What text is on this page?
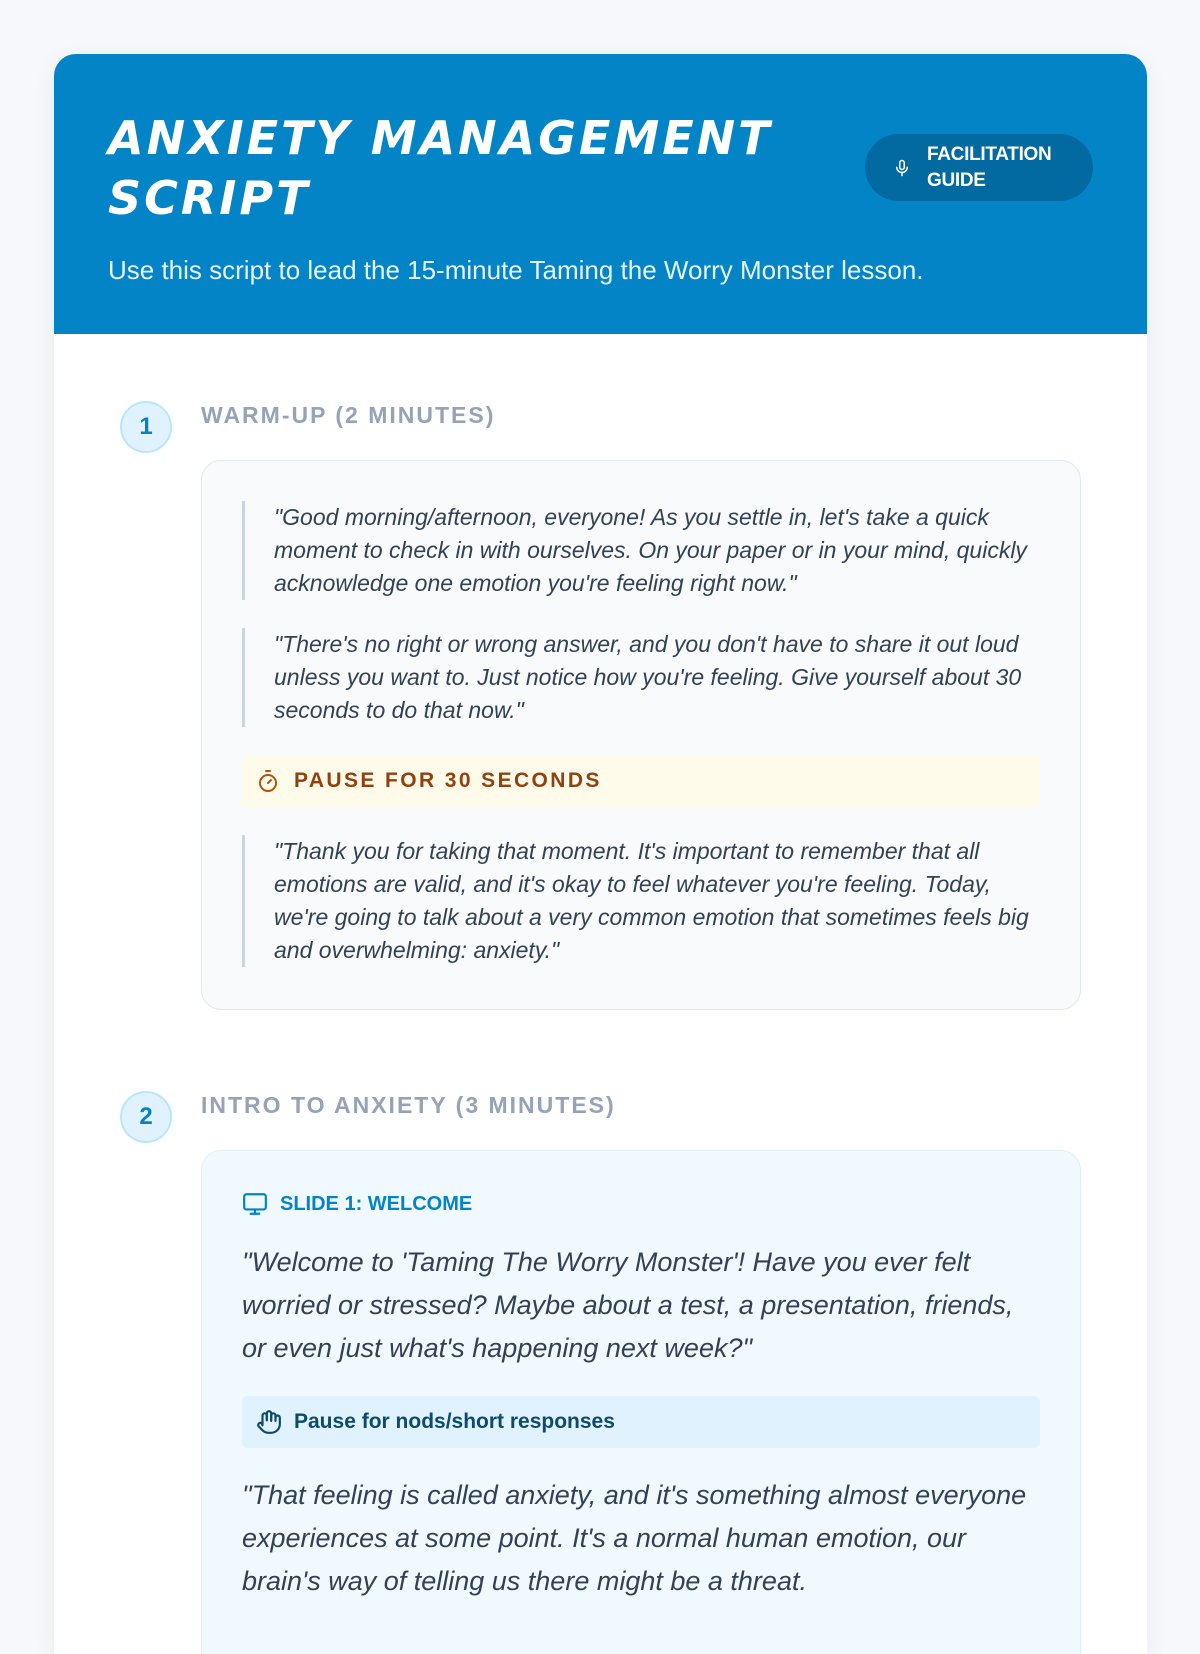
ANXIETY MANAGEMENT SCRIPT
Use this script to lead the 15-minute Taming the Worry Monster lesson.
FACILITATION GUIDE
1	WARM-UP (2 MINUTES)
"Good morning/afternoon, everyone! As you settle in, let's take a quick moment to check in with ourselves. On your paper or in your mind, quickly acknowledge one emotion you're feeling right now."
"There's no right or wrong answer, and you don't have to share it out loud unless you want to. Just notice how you're feeling. Give yourself about 30 seconds to do that now."
PAUSE FOR 30 SECONDS
"Thank you for taking that moment. It's important to remember that all emotions are valid, and it's okay to feel whatever you're feeling. Today, we're going to talk about a very common emotion that sometimes feels big and overwhelming: anxiety."
2	INTRO TO ANXIETY (3 MINUTES)
SLIDE 1: WELCOME
"Welcome to 'Taming The Worry Monster'! Have you ever felt worried or stressed? Maybe about a test, a presentation, friends, or even just what's happening next week?"
Pause for nods/short responses
"That feeling is called anxiety, and it's something almost everyone experiences at some point. It's a normal human emotion, our brain's way of telling us there might be a threat.
